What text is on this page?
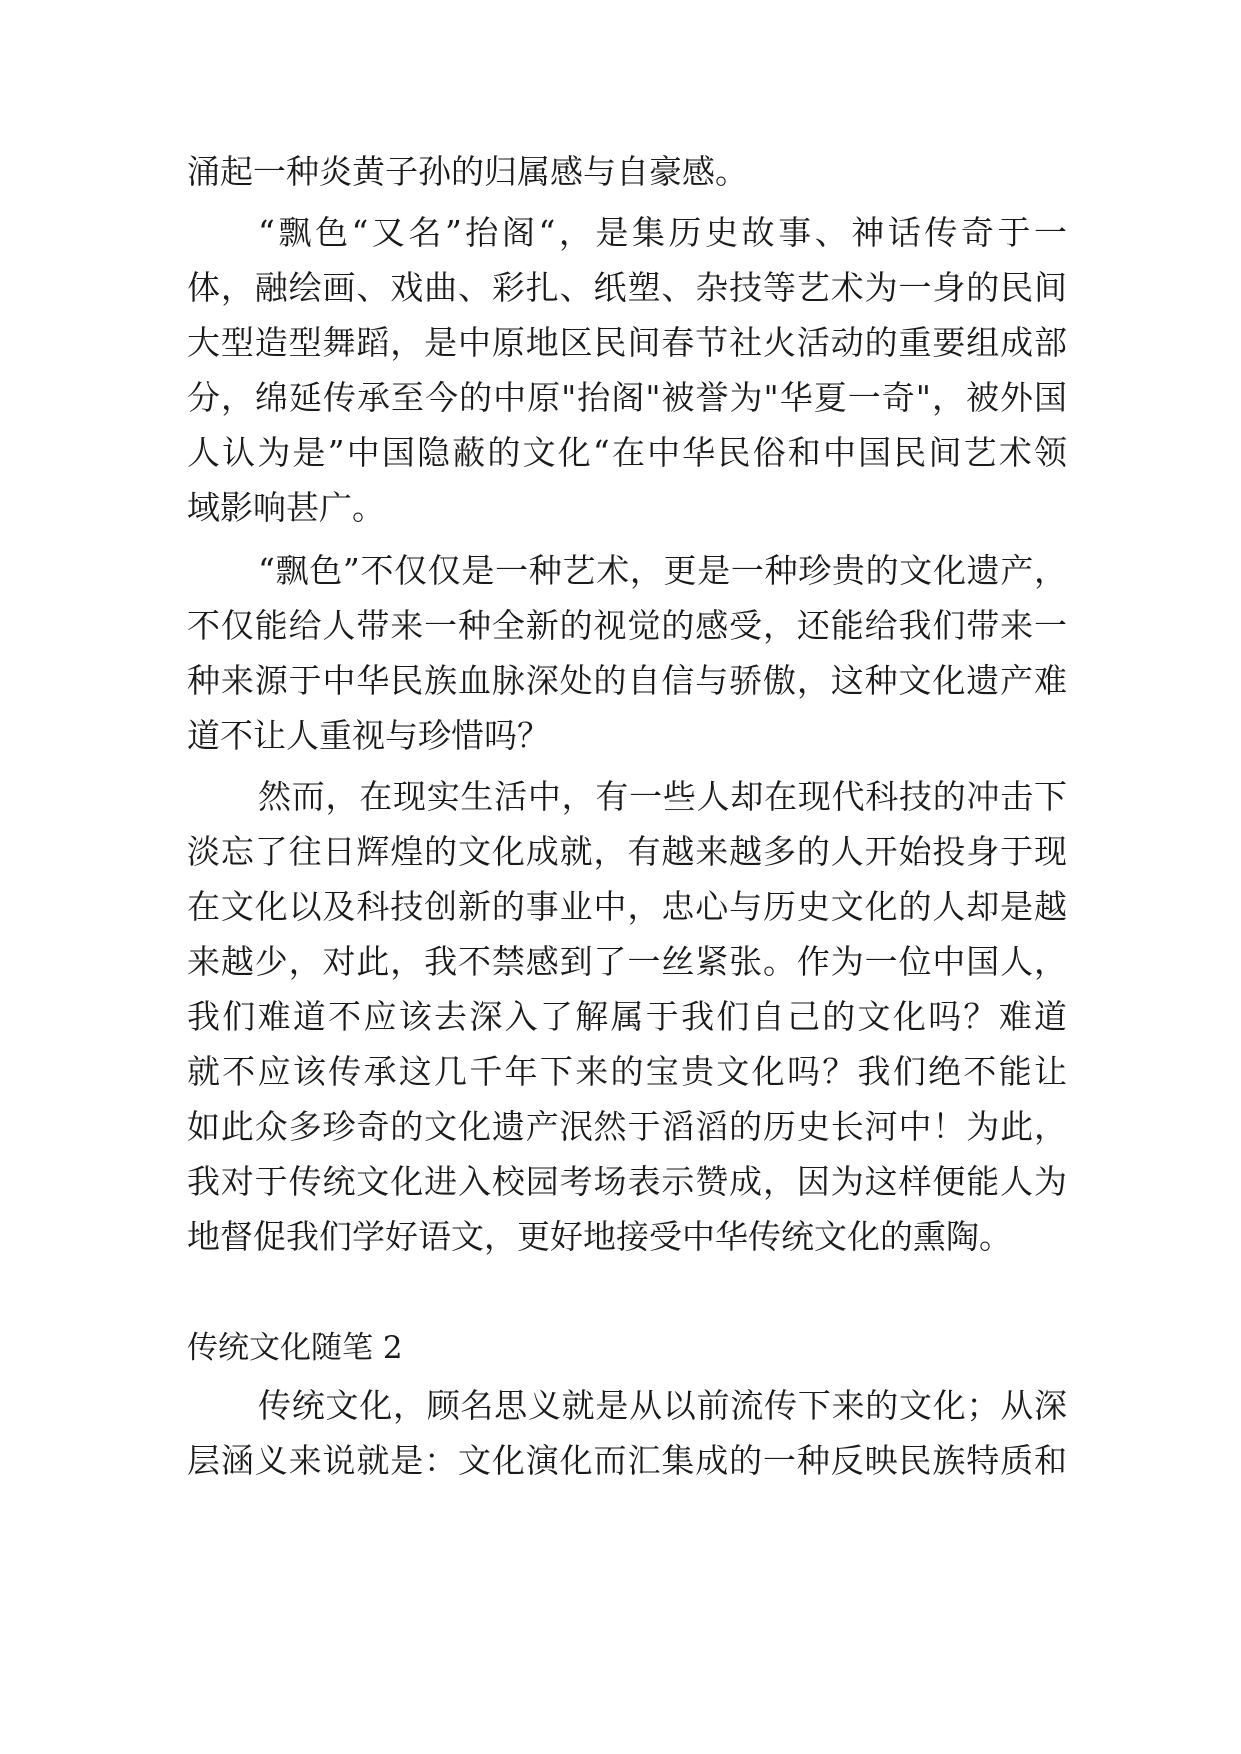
涌起一种炎黄子孙的归属感与自豪感。

“飘色“又名”抬阁“，是集历史故事、神话传奇于一

体，融绘画、戏曲、彩扎、纸塑、杂技等艺术为一身的民间

大型造型舞蹈，是中原地区民间春节社火活动的重要组成部

分，绵延传承至今的中原"抬阁"被誉为"华夏一奇"，被外国

人认为是”中国隐蔽的文化“在中华民俗和中国民间艺术领

域影响甚广。

“飘色”不仅仅是一种艺术，更是一种珍贵的文化遗产，

不仅能给人带来一种全新的视觉的感受，还能给我们带来一

种来源于中华民族血脉深处的自信与骄傲，这种文化遗产难

道不让人重视与珍惜吗？

然而，在现实生活中，有一些人却在现代科技的冲击下

淡忘了往日辉煌的文化成就，有越来越多的人开始投身于现

在文化以及科技创新的事业中，忠心与历史文化的人却是越

来越少，对此，我不禁感到了一丝紧张。作为一位中国人，

我们难道不应该去深入了解属于我们自己的文化吗？难道

就不应该传承这几千年下来的宝贵文化吗？我们绝不能让

如此众多珍奇的文化遗产泯然于滔滔的历史长河中！为此，

我对于传统文化进入校园考场表示赞成，因为这样便能人为

地督促我们学好语文，更好地接受中华传统文化的熏陶。

传统文化随笔 2

传统文化，顾名思义就是从以前流传下来的文化；从深

层涵义来说就是：文化演化而汇集成的一种反映民族特质和
